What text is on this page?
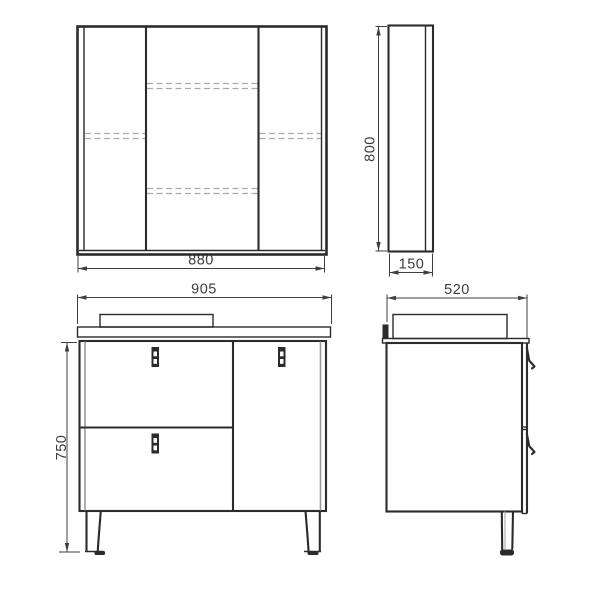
880
800
150
905
750
520
